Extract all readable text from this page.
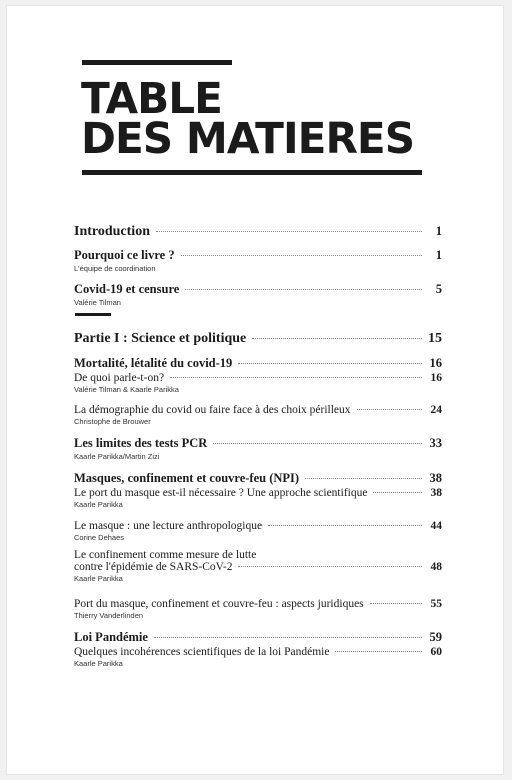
TABLE
DES MATIERES
Introduction	1
Pourquoi ce livre ?	1
L'équipe de coordination
Covid-19 et censure	5
Valérie Tilman
Partie I : Science et politique	15
Mortalité, létalité du covid-19	16
De quoi parle-t-on?	16
Valérie Tilman & Kaarle Parikka
La démographie du covid ou faire face à des choix périlleux	24
Christophe de Brouwer
Les limites des tests PCR	33
Kaarle Parikka/Martin Zizi
Masques, confinement et couvre-feu (NPI)	38
Le port du masque est-il nécessaire ? Une approche scientifique	38
Kaarle Parikka
Le masque : une lecture anthropologique	44
Corine Dehaes
Le confinement comme mesure de lutte
contre l'épidémie de SARS-CoV-2	48
Kaarle Parikka
Port du masque, confinement et couvre-feu : aspects juridiques	55
Thierry Vanderlinden
Loi Pandémie	59
Quelques incohérences scientifiques de la loi Pandémie	60
Kaarle Parikka
